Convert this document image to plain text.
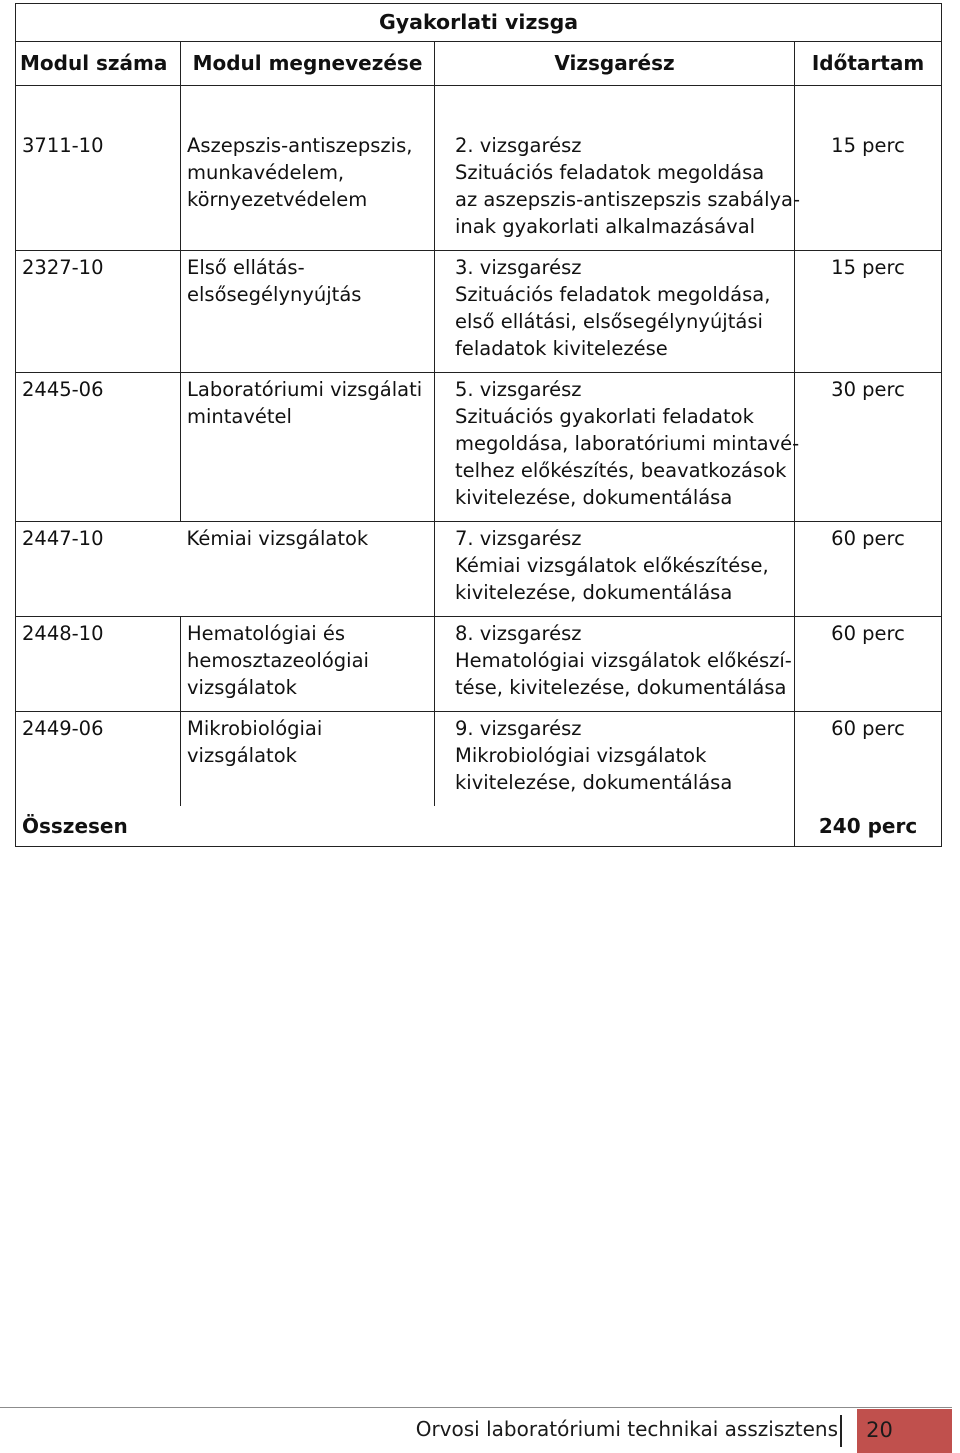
Gyakorlati vizsga			
Modul száma	Modul megnevezése	Vizsgarész	Időtartam
3711-10	Aszepszis-antiszepszis,
munkavédelem,
környezetvédelem	2. vizsgarész
Szituációs feladatok megoldása
az aszepszis-antiszepszis szabálya-
inak gyakorlati alkalmazásával	15 perc
2327-10	Első ellátás-
elsősegélynyújtás	3. vizsgarész
Szituációs feladatok megoldása,
első ellátási, elsősegélynyújtási
feladatok kivitelezése	15 perc
2445-06	Laboratóriumi vizsgálati
mintavétel	5. vizsgarész
Szituációs gyakorlati feladatok
megoldása, laboratóriumi mintavé-
telhez előkészítés, beavatkozások
kivitelezése, dokumentálása	30 perc
2447-10	Kémiai vizsgálatok	7. vizsgarész
Kémiai vizsgálatok előkészítése,
kivitelezése, dokumentálása	60 perc
2448-10	Hematológiai és
hemosztazeológiai
vizsgálatok	8. vizsgarész
Hematológiai vizsgálatok előkészí-
tése, kivitelezése, dokumentálása	60 perc
2449-06	Mikrobiológiai
vizsgálatok	9. vizsgarész
Mikrobiológiai vizsgálatok
kivitelezése, dokumentálása	60 perc
Összesen			240 perc
Orvosi laboratóriumi technikai asszisztens	20
